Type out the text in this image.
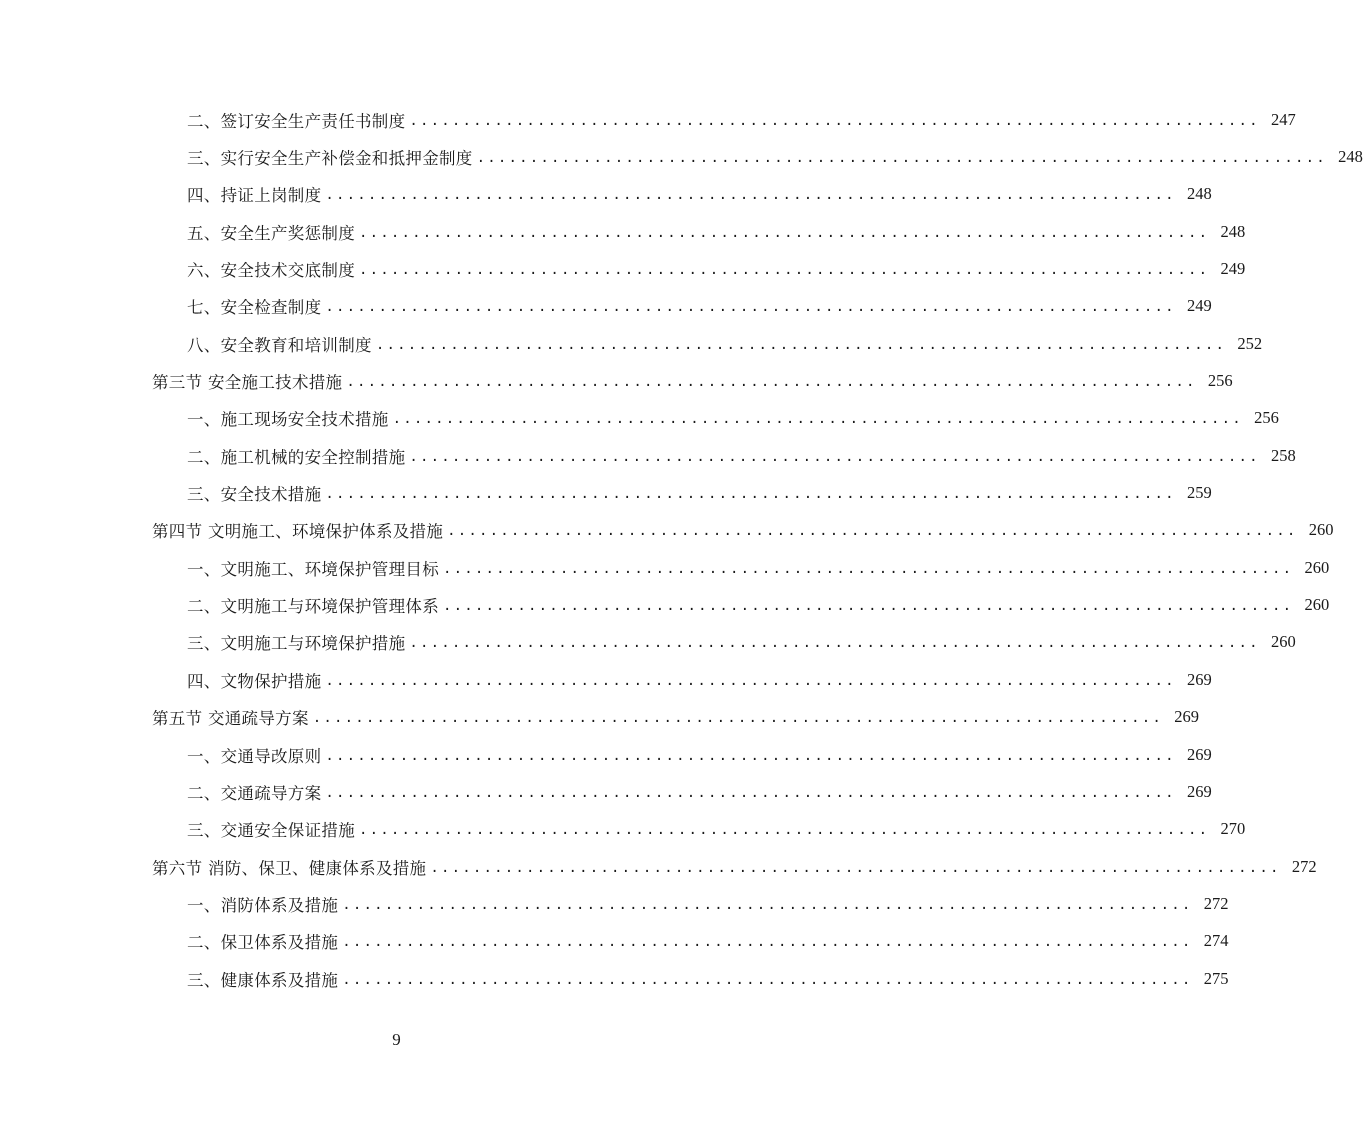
二、签订安全生产责任书制度 ................................................................................ 247
三、实行安全生产补偿金和抵押金制度 ................................................................................ 248
四、持证上岗制度 ................................................................................ 248
五、安全生产奖惩制度 ................................................................................ 248
六、安全技术交底制度 ................................................................................ 249
七、安全检查制度 ................................................................................ 249
八、安全教育和培训制度 ................................................................................ 252
第三节 安全施工技术措施 ................................................................................ 256
一、施工现场安全技术措施 ................................................................................ 256
二、施工机械的安全控制措施 ................................................................................ 258
三、安全技术措施 ................................................................................ 259
第四节 文明施工、环境保护体系及措施 ................................................................................ 260
一、文明施工、环境保护管理目标 ................................................................................ 260
二、文明施工与环境保护管理体系 ................................................................................ 260
三、文明施工与环境保护措施 ................................................................................ 260
四、文物保护措施 ................................................................................ 269
第五节 交通疏导方案 ................................................................................ 269
一、交通导改原则 ................................................................................ 269
二、交通疏导方案 ................................................................................ 269
三、交通安全保证措施 ................................................................................ 270
第六节 消防、保卫、健康体系及措施 ................................................................................ 272
一、消防体系及措施 ................................................................................ 272
二、保卫体系及措施 ................................................................................ 274
三、健康体系及措施 ................................................................................ 275
9
